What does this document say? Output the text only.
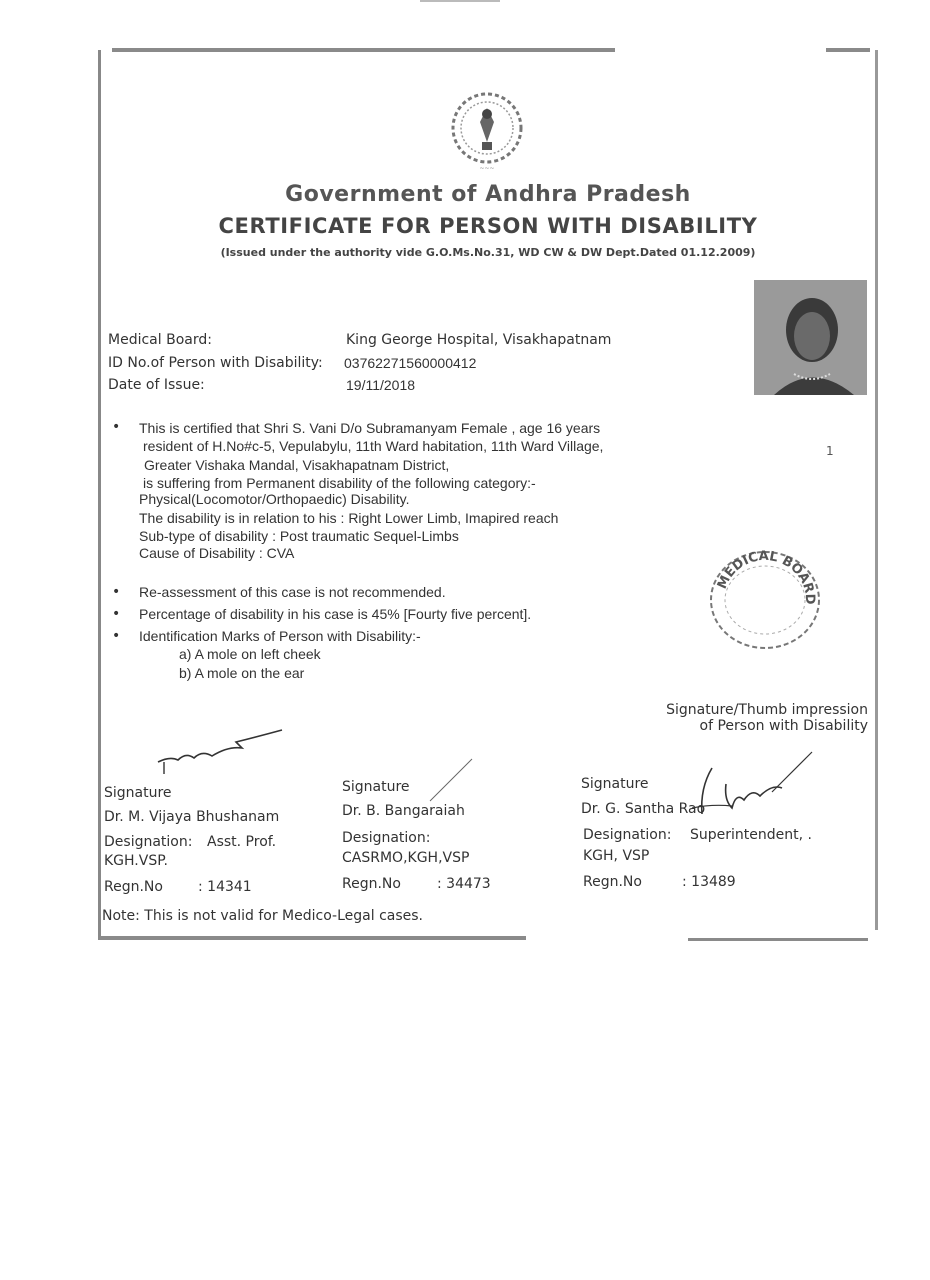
~~~
Government of Andhra Pradesh
CERTIFICATE FOR PERSON WITH DISABILITY
(Issued under the authority vide G.O.Ms.No.31, WD CW & DW Dept.Dated 01.12.2009)
Medical Board:	King George Hospital, Visakhapatnam
ID No.of Person with Disability: 03762271560000412
Date of Issue:	19/11/2018
• This is certified that Shri S. Vani D/o Subramanyam Female , age 16 years
resident of H.No#c-5, Vepulabylu, 11th Ward habitation, 11th Ward Village,
Greater Vishaka Mandal, Visakhapatnam District,
is suffering from Permanent disability of the following category:-
Physical(Locomotor/Orthopaedic) Disability.
The disability is in relation to his : Right Lower Limb, Imapired reach
Sub-type of disability : Post traumatic Sequel-Limbs
Cause of Disability : CVA
1
• Re-assessment of this case is not recommended.
• Percentage of disability in his case is 45% [Fourty five percent].
• Identification Marks of Person with Disability:-
a) A mole on left cheek
b) A mole on the ear
MEDICAL BOARD
Signature/Thumb impression
of Person with Disability
Signature
Dr. M. Vijaya Bhushanam
Designation: Asst. Prof.
KGH.VSP.
Regn.No	: 14341
Signature
Dr. B. Bangaraiah
Designation:
CASRMO,KGH,VSP
Regn.No	: 34473
Signature
Dr. G. Santha Rao
Designation: Superintendent, .
KGH, VSP
Regn.No	: 13489
Note: This is not valid for Medico-Legal cases.
